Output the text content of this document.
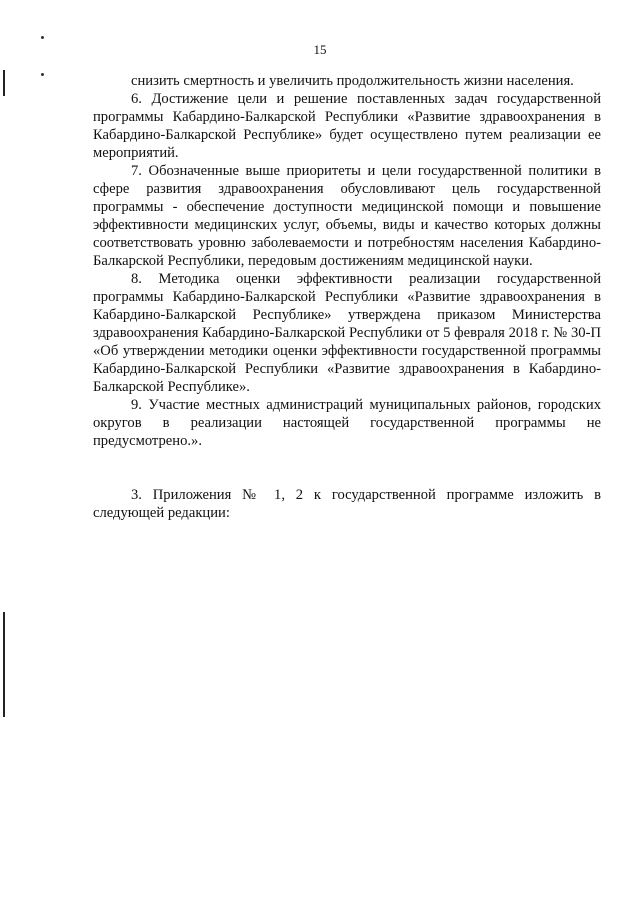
15

снизить смертность и увеличить продолжительность жизни населения.

6. Достижение цели и решение поставленных задач государственной программы Кабардино-Балкарской Республики «Развитие здравоохранения в Кабардино-Балкарской Республике» будет осуществлено путем реализации ее мероприятий.

7. Обозначенные выше приоритеты и цели государственной политики в сфере развития здравоохранения обусловливают цель государственной программы - обеспечение доступности медицинской помощи и повышение эффективности медицинских услуг, объемы, виды и качество которых должны соответствовать уровню заболеваемости и потребностям населения Кабардино-Балкарской Республики, передовым достижениям медицинской науки.

8. Методика оценки эффективности реализации государственной программы Кабардино-Балкарской Республики «Развитие здравоохранения в Кабардино-Балкарской Республике» утверждена приказом Министерства здравоохранения Кабардино-Балкарской Республики от 5 февраля 2018 г. № 30-П «Об утверждении методики оценки эффективности государственной программы Кабардино-Балкарской Республики «Развитие здравоохранения в Кабардино-Балкарской Республике».

9. Участие местных администраций муниципальных районов, городских округов в реализации настоящей государственной программы не предусмотрено.».

3. Приложения № 1, 2 к государственной программе изложить в следующей редакции:
